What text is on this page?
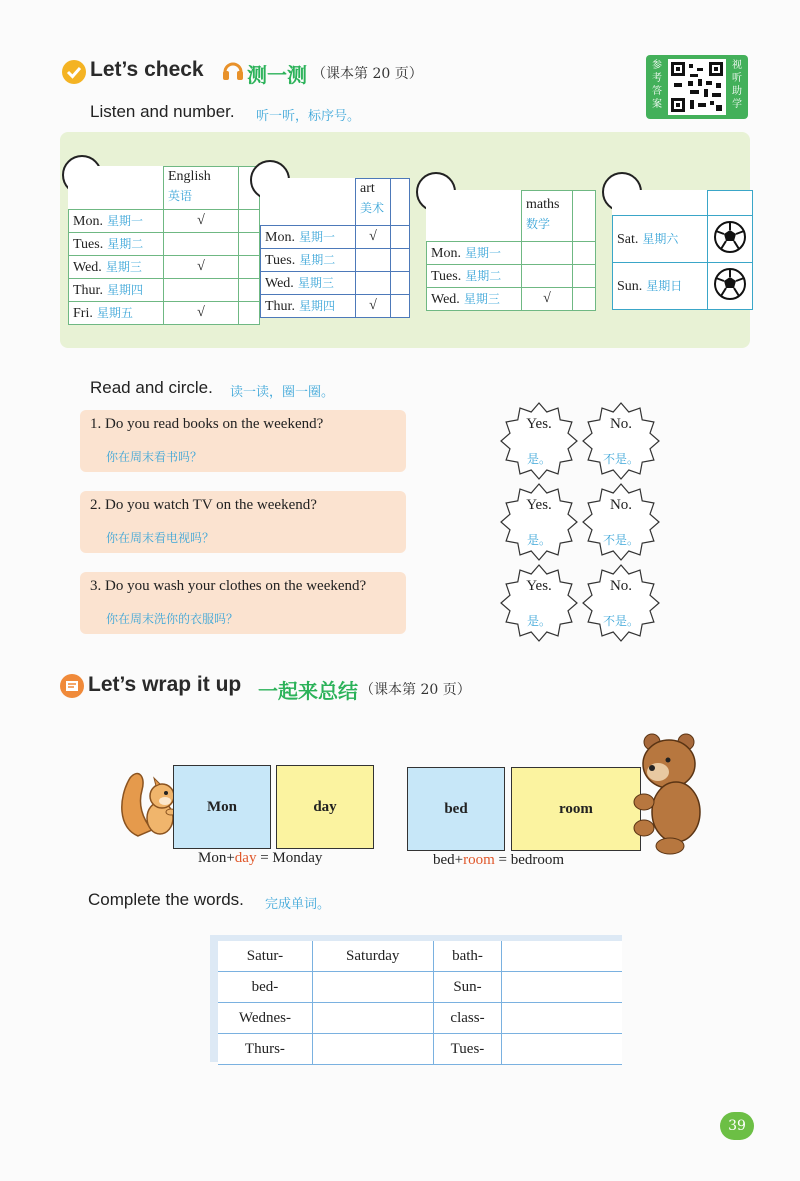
Let’s check 测一测 （课本第 20 页）
参考答案
视听助学
Listen and number. 听一听，标序号。

	English
英语	

Mon. 星期一	√	
Tues. 星期二		
Wed. 星期三	√	
Thur. 星期四		
Fri. 星期五	√	

	art
美术	

Mon. 星期一	√	
Tues. 星期二		
Wed. 星期三		
Thur. 星期四	√	

	maths
数学	

Mon. 星期一		
Tues. 星期二		
Wed. 星期三	√	

Sat. 星期六	
Sun. 星期日	
Read and circle. 读一读，圈一圈。
1. Do you read books on the weekend?
你在周末看书吗？
2. Do you watch TV on the weekend?
你在周末看电视吗？
3. Do you wash your clothes on the weekend?
你在周末洗你的衣服吗？
Yes.
是。
No.
不是。
Yes.
是。
No.
不是。
Yes.
是。
No.
不是。
Let’s wrap it up 一起来总结 （课本第 20 页）
Mon	day
Mon+day = Monday
bed	room
bed+room = bedroom
Complete the words. 完成单词。
Satur-	Saturday	bath-	
bed-		Sun-	
Wednes-		class-	
Thurs-		Tues-	
39
